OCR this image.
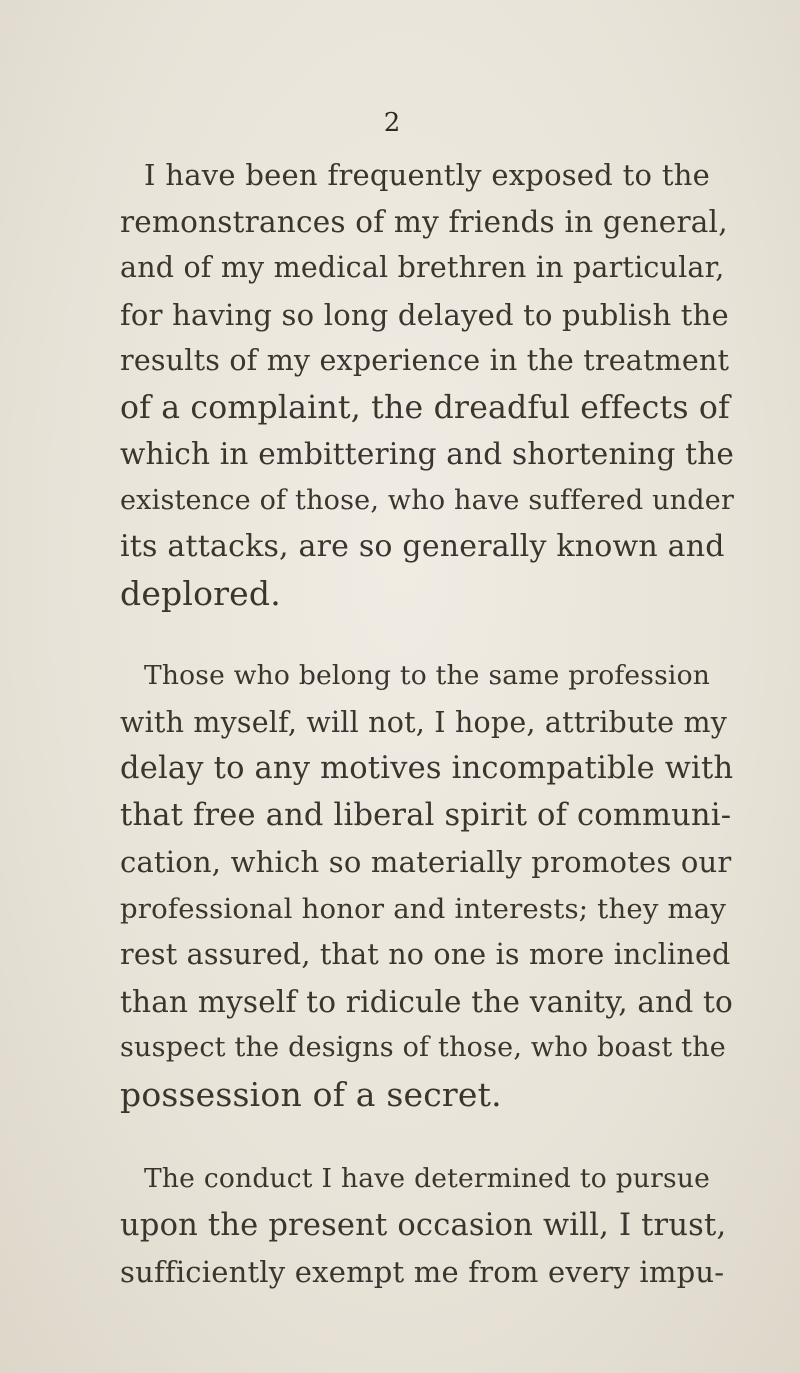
2

I have been frequently exposed to the
remonstrances of my friends in general,
and of my medical brethren in particular,
for having so long delayed to publish the
results of my experience in the treatment
of a complaint, the dreadful effects of
which in embittering and shortening the
existence of those, who have suffered under
its attacks, are so generally known and
deplored.

Those who belong to the same profession
with myself, will not, I hope, attribute my
delay to any motives incompatible with
that free and liberal spirit of communi-
cation, which so materially promotes our
professional honor and interests; they may
rest assured, that no one is more inclined
than myself to ridicule the vanity, and to
suspect the designs of those, who boast the
possession of a secret.

The conduct I have determined to pursue
upon the present occasion will, I trust,
sufficiently exempt me from every impu-
